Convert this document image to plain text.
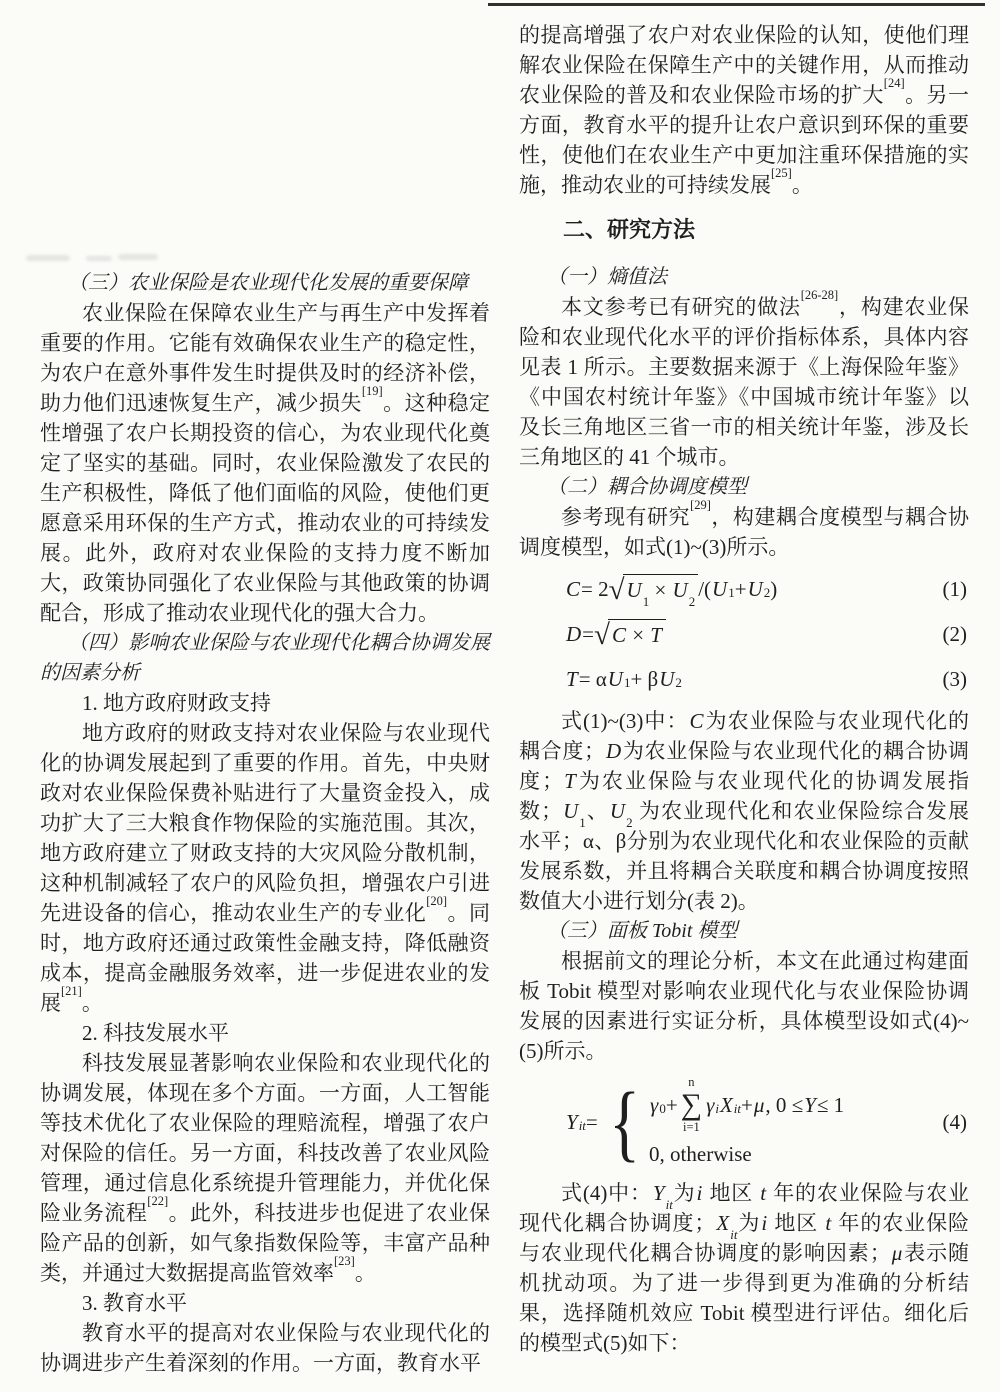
（三）农业保险是农业现代化发展的重要保障

农业保险在保障农业生产与再生产中发挥着重要的作用。它能有效确保农业生产的稳定性，为农户在意外事件发生时提供及时的经济补偿，助力他们迅速恢复生产，减少损失[19]。这种稳定性增强了农户长期投资的信心，为农业现代化奠定了坚实的基础。同时，农业保险激发了农民的生产积极性，降低了他们面临的风险，使他们更愿意采用环保的生产方式，推动农业的可持续发展。此外，政府对农业保险的支持力度不断加大，政策协同强化了农业保险与其他政策的协调配合，形成了推动农业现代化的强大合力。

（四）影响农业保险与农业现代化耦合协调发展的因素分析

1. 地方政府财政支持

地方政府的财政支持对农业保险与农业现代化的协调发展起到了重要的作用。首先，中央财政对农业保险保费补贴进行了大量资金投入，成功扩大了三大粮食作物保险的实施范围。其次，地方政府建立了财政支持的大灾风险分散机制，这种机制减轻了农户的风险负担，增强农户引进先进设备的信心，推动农业生产的专业化[20]。同时，地方政府还通过政策性金融支持，降低融资成本，提高金融服务效率，进一步促进农业的发展[21]。

2. 科技发展水平

科技发展显著影响农业保险和农业现代化的协调发展，体现在多个方面。一方面，人工智能等技术优化了农业保险的理赔流程，增强了农户对保险的信任。另一方面，科技改善了农业风险管理，通过信息化系统提升管理能力，并优化保险业务流程[22]。此外，科技进步也促进了农业保险产品的创新，如气象指数保险等，丰富产品种类，并通过大数据提高监管效率[23]。

3. 教育水平

教育水平的提高对农业保险与农业现代化的协调进步产生着深刻的作用。一方面，教育水平

的提高增强了农户对农业保险的认知，使他们理解农业保险在保障生产中的关键作用，从而推动农业保险的普及和农业保险市场的扩大[24]。另一方面，教育水平的提升让农户意识到环保的重要性，使他们在农业生产中更加注重环保措施的实施，推动农业的可持续发展[25]。

二、研究方法

（一）熵值法

本文参考已有研究的做法[26-28]，构建农业保险和农业现代化水平的评价指标体系，具体内容见表 1 所示。主要数据来源于《上海保险年鉴》《中国农村统计年鉴》《中国城市统计年鉴》以及长三角地区三省一市的相关统计年鉴，涉及长三角地区的 41 个城市。

（二）耦合协调度模型

参考现有研究[29]，构建耦合度模型与耦合协调度模型，如式(1)~(3)所示。

C = 2 √ $U_1 \times U_2$
/( $U_1 + U_2$ )	(1)
D = √ C × T	(2)
T = α $U_1 + \beta$ $U_2$	(3)

式(1)~(3)中：C为农业保险与农业现代化的耦合度；D为农业保险与农业现代化的耦合协调度；T为农业保险与农业现代化的协调发展指数；$U_1$、$U_2$ 为农业现代化和农业保险综合发展水平；α、β分别为农业现代化和农业保险的贡献发展系数，并且将耦合关联度和耦合协调度按照数值大小进行划分(表 2)。

（三）面板 Tobit 模型

根据前文的理论分析，本文在此通过构建面板 Tobit 模型对影响农业现代化与农业保险协调发展的因素进行实证分析，具体模型设如式(4)~(5)所示。

$Y_{it}$ = { $\gamma_0$ +
n
∑
i=1
$\gamma_i$ $X_{it} + \mu$ , 0 ≤ Y ≤ 1
0, otherwise
(4)

式(4)中：$Y_{it}$为i 地区 t 年的农业保险与农业现代化耦合协调度；$X_{it}$为i 地区 t 年的农业保险与农业现代化耦合协调度的影响因素；μ表示随机扰动项。为了进一步得到更为准确的分析结果，选择随机效应 Tobit 模型进行评估。细化后的模型式(5)如下：
